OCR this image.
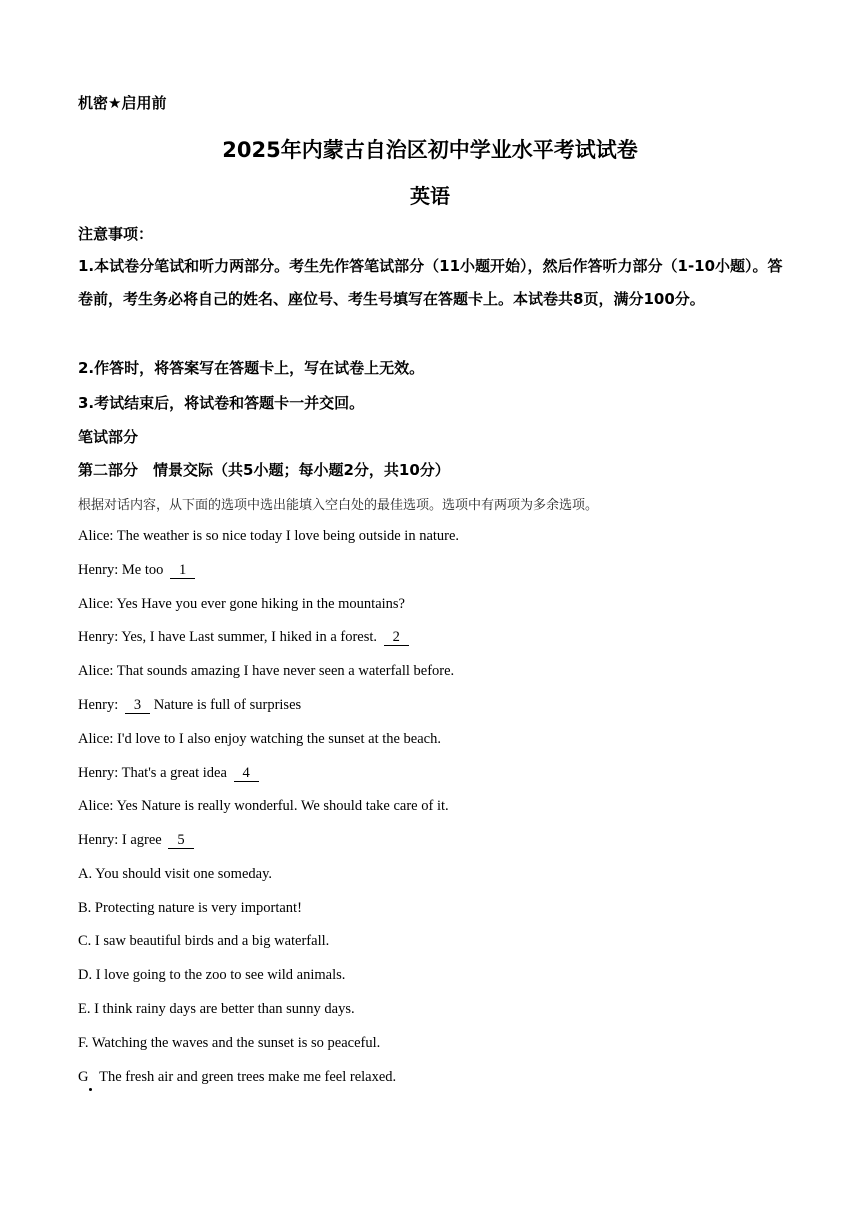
机密★启用前
2025年内蒙古自治区初中学业水平考试试卷
英语
注意事项：
1.本试卷分笔试和听力两部分。考生先作答笔试部分（11小题开始），然后作答听力部分（1-10小题）。答卷前，考生务必将自己的姓名、座位号、考生号填写在答题卡上。本试卷共8页，满分100分。
2.作答时，将答案写在答题卡上，写在试卷上无效。
3.考试结束后，将试卷和答题卡一并交回。
笔试部分
第二部分　情景交际（共5小题；每小题2分，共10分）
根据对话内容，从下面的选项中选出能填入空白处的最佳选项。选项中有两项为多余选项。
Alice: The weather is so nice today I love being outside in nature.
Henry: Me too 1
Alice: Yes Have you ever gone hiking in the mountains?
Henry: Yes, I have Last summer, I hiked in a forest. 2
Alice: That sounds amazing I have never seen a waterfall before.
Henry: 3 Nature is full of surprises
Alice: I'd love to I also enjoy watching the sunset at the beach.
Henry: That's a great idea 4
Alice: Yes Nature is really wonderful. We should take care of it.
Henry: I agree 5
A. You should visit one someday.
B. Protecting nature is very important!
C. I saw beautiful birds and a big waterfall.
D. I love going to the zoo to see wild animals.
E. I think rainy days are better than sunny days.
F. Watching the waves and the sunset is so peaceful.
G   The fresh air and green trees make me feel relaxed.
